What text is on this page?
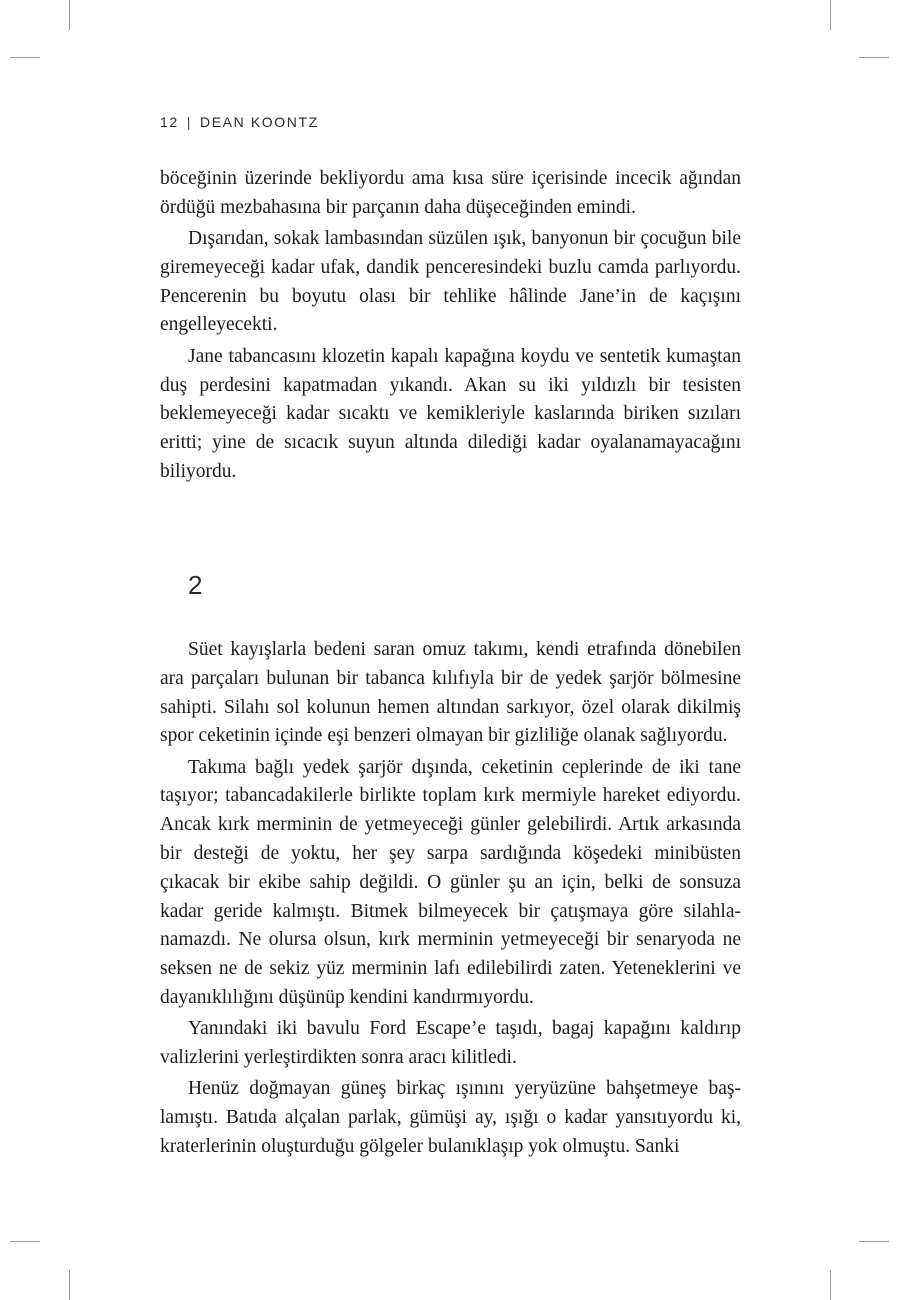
12 | DEAN KOONTZ

böceğinin üzerinde bekliyordu ama kısa süre içerisinde incecik ağından ördüğü mezbahasına bir parçanın daha düşeceğinden emindi.

Dışarıdan, sokak lambasından süzülen ışık, banyonun bir çocuğun bile giremeyeceği kadar ufak, dandik penceresindeki buzlu camda parlıyordu. Pencerenin bu boyutu olası bir tehlike hâlinde Jane’in de kaçışını engelleyecekti.

Jane tabancasını klozetin kapalı kapağına koydu ve sentetik kumaştan duş perdesini kapatmadan yıkandı. Akan su iki yıldızlı bir tesisten beklemeyeceği kadar sıcaktı ve kemikleriyle kaslarında biriken sızıları eritti; yine de sıcacık suyun altında dilediği kadar oyalanamayacağını biliyordu.

2

Süet kayışlarla bedeni saran omuz takımı, kendi etrafında dönebilen ara parçaları bulunan bir tabanca kılıfıyla bir de yedek şarjör bölmesine sahipti. Silahı sol kolunun hemen altından sarkıyor, özel olarak dikilmiş spor ceketinin içinde eşi benzeri olmayan bir gizliliğe olanak sağlıyordu.

Takıma bağlı yedek şarjör dışında, ceketinin ceplerinde de iki tane taşıyor; tabancadakilerle birlikte toplam kırk mermiyle hareket ediyordu. Ancak kırk merminin de yetmeyeceği günler gelebilirdi. Artık arkasında bir desteği de yoktu, her şey sarpa sardığında köşedeki minibüsten çıkacak bir ekibe sahip değildi. O günler şu an için, belki de sonsuza kadar geride kalmıştı. Bitmek bilmeyecek bir çatışmaya göre silahlanamazdı. Ne olursa olsun, kırk merminin yetmeyeceği bir senaryoda ne seksen ne de sekiz yüz merminin lafı edilebilirdi zaten. Yeteneklerini ve dayanıklılığını düşünüp kendini kandırmıyordu.

Yanındaki iki bavulu Ford Escape’e taşıdı, bagaj kapağını kaldırıp valizlerini yerleştirdikten sonra aracı kilitledi.

Henüz doğmayan güneş birkaç ışınını yeryüzüne bahşetmeye başlamıştı. Batıda alçalan parlak, gümüşi ay, ışığı o kadar yansıtıyordu ki, kraterlerinin oluşturduğu gölgeler bulanıklaşıp yok olmuştu. Sanki
